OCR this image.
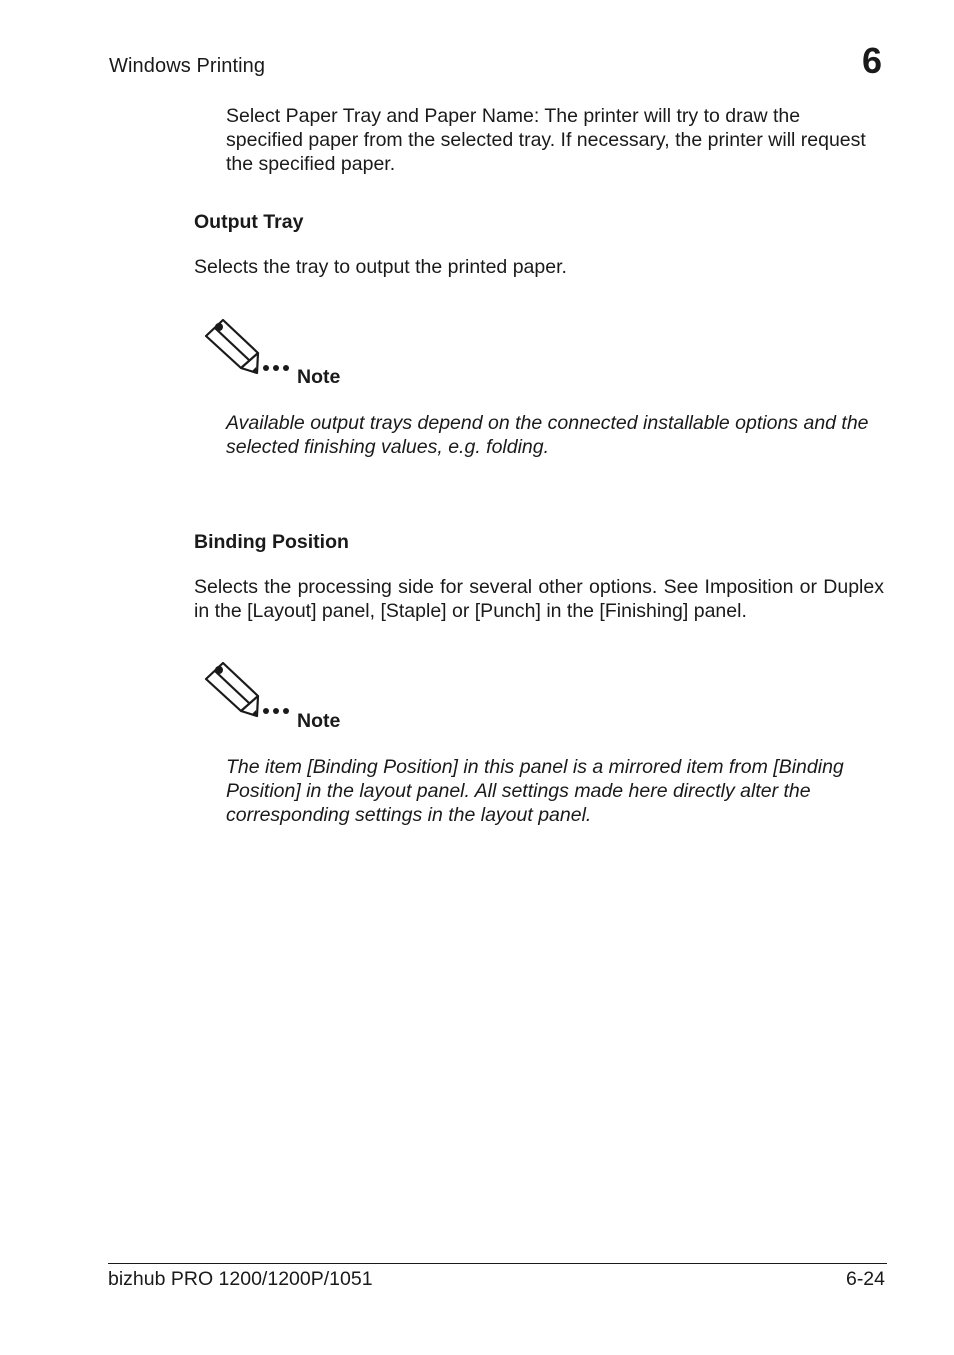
Windows Printing	6

Select Paper Tray and Paper Name: The printer will try to draw the specified paper from the selected tray. If necessary, the printer will request the specified paper.

Output Tray

Selects the tray to output the printed paper.

Note

Available output trays depend on the connected installable options and the selected finishing values, e.g. folding.

Binding Position

Selects the processing side for several other options. See Imposition or Duplex in the [Layout] panel, [Staple] or [Punch] in the [Finishing] panel.

Note

The item [Binding Position] in this panel is a mirrored item from [Binding Position] in the layout panel. All settings made here directly alter the corresponding settings in the layout panel.

bizhub PRO 1200/1200P/1051	6-24
